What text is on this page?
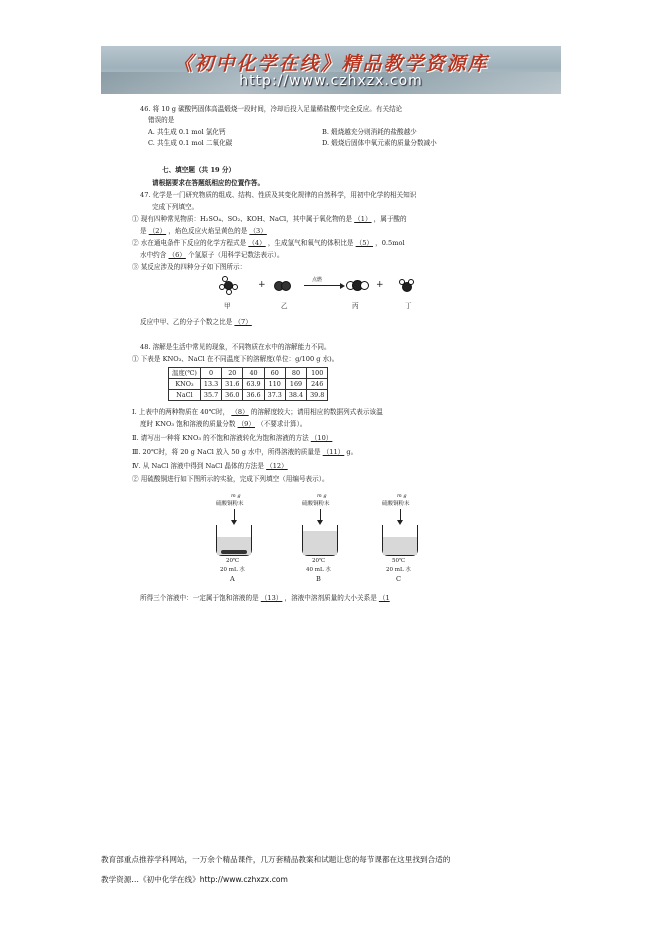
《初中化学在线》精品教学资源库
http://www.czhxzx.com
46. 将 10 g 碳酸钙固体高温煅烧一段时间，冷却后投入足量稀盐酸中完全反应。有关结论
错误的是
A. 共生成 0.1 mol 氯化钙	B. 煅烧越充分则消耗的盐酸越少
C. 共生成 0.1 mol 二氧化碳	D. 煅烧后固体中氧元素的质量分数减小
七、填空题（共 19 分）
请根据要求在答题纸相应的位置作答。
47. 化学是一门研究物质的组成、结构、性质及其变化规律的自然科学，用初中化学的相关知识
完成下列填空。
① 现有四种常见物质：H₂SO₄、SO₂、KOH、NaCl，其中属于氧化物的是 （1） ，属于酸的
是 （2） ，焰色反应火焰呈黄色的是 （3）
② 水在通电条件下反应的化学方程式是 （4） ，生成氢气和氧气的体积比是 （5） ，0.5mol
水中约含 （6） 个氢原子（用科学记数法表示）。
③ 某反应涉及的四种分子如下图所示：
+	点燃	+
甲	乙	丙	丁
反应中甲、乙的分子个数之比是 （7）
48. 溶解是生活中常见的现象，不同物质在水中的溶解能力不同。
① 下表是 KNO₃、NaCl 在不同温度下的溶解度(单位：g/100 g 水)。
温度(℃)	0	20	40	60	80	100
KNO₃	13.3	31.6	63.9	110	169	246
NaCl	35.7	36.0	36.6	37.3	38.4	39.8
Ⅰ. 上表中的两种物质在 40℃时， （8） 的溶解度较大；请用相应的数据列式表示该温
度时 KNO₃ 饱和溶液的质量分数 （9） （不要求计算）。
Ⅱ. 请写出一种将 KNO₃ 的不饱和溶液转化为饱和溶液的方法 （10）
Ⅲ. 20℃时，将 20 g NaCl 放入 50 g 水中，所得溶液的质量是 （11） g。
Ⅳ. 从 NaCl 溶液中得到 NaCl 晶体的方法是 （12）
② 用硫酸铜进行如下图所示的实验，完成下列填空（用编号表示）。
m g
硫酸铜粉末
20℃
20 mL 水
A
m g
硫酸铜粉末
20℃
40 mL 水
B
m g
硫酸铜粉末
50℃
20 mL 水
C
所得三个溶液中：一定属于饱和溶液的是 （13） ，溶液中溶剂质量的大小关系是 （1
教育部重点推荐学科网站，一万余个精品课件，几万套精品教案和试题让您的每节课都在这里找到合适的
教学资源…《初中化学在线》http://www.czhxzx.com
